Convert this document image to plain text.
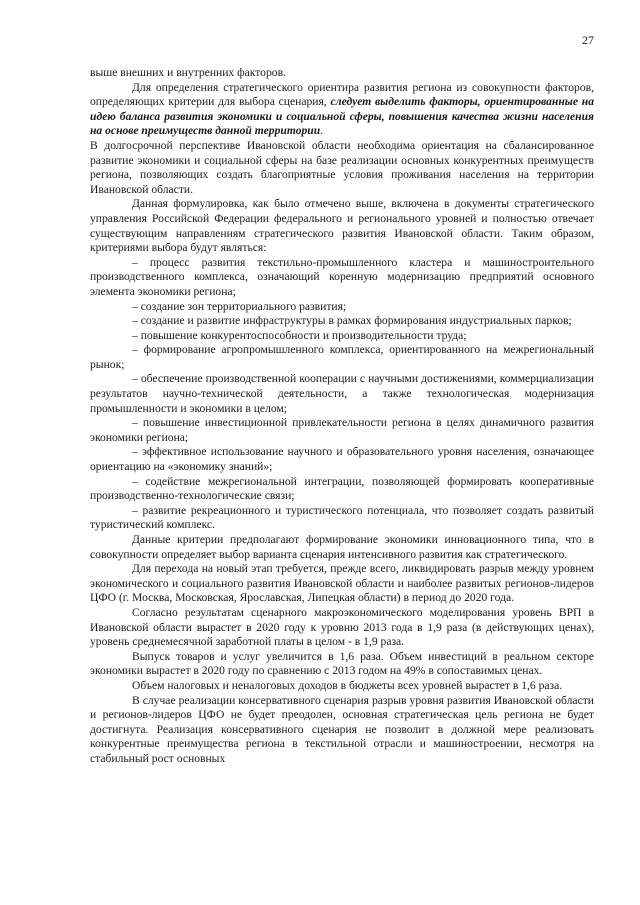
27

выше внешних и внутренних факторов.

Для определения стратегического ориентира развития региона из совокупности факторов, определяющих критерии для выбора сценария, следует выделить факторы, ориентированные на идею баланса развития экономики и социальной сферы, повышения качества жизни населения на основе преимуществ данной территории.

В долгосрочной перспективе Ивановской области необходима ориентация на сбалансированное развитие экономики и социальной сферы на базе реализации основных конкурентных преимуществ региона, позволяющих создать благоприятные условия проживания населения на территории Ивановской области.

Данная формулировка, как было отмечено выше, включена в документы стратегического управления Российской Федерации федерального и регионального уровней и полностью отвечает существующим направлениям стратегического развития Ивановской области. Таким образом, критериями выбора будут являться:

– процесс развития текстильно-промышленного кластера и машиностроительного производственного комплекса, означающий коренную модернизацию предприятий основного элемента экономики региона;

– создание зон территориального развития;

– создание и развитие инфраструктуры в рамках формирования индустриальных парков;

– повышение конкурентоспособности и производительности труда;

– формирование агропромышленного комплекса, ориентированного на межрегиональный рынок;

– обеспечение производственной кооперации с научными достижениями, коммерциализации результатов научно-технической деятельности, а также технологическая модернизация промышленности и экономики в целом;

– повышение инвестиционной привлекательности региона в целях динамичного развития экономики региона;

– эффективное использование научного и образовательного уровня населения, означающее ориентацию на «экономику знаний»;

– содействие межрегиональной интеграции, позволяющей формировать кооперативные производственно-технологические связи;

– развитие рекреационного и туристического потенциала, что позволяет создать развитый туристический комплекс.

Данные критерии предполагают формирование экономики инновационного типа, что в совокупности определяет выбор варианта сценария интенсивного развития как стратегического.

Для перехода на новый этап требуется, прежде всего, ликвидировать разрыв между уровнем экономического и социального развития Ивановской области и наиболее развитых регионов-лидеров ЦФО (г. Москва, Московская, Ярославская, Липецкая области) в период до 2020 года.

Согласно результатам сценарного макроэкономического моделирования уровень ВРП в Ивановской области вырастет в 2020 году к уровню 2013 года в 1,9 раза (в действующих ценах), уровень среднемесячной заработной платы в целом - в 1,9 раза.

Выпуск товаров и услуг увеличится в 1,6 раза. Объем инвестиций в реальном секторе экономики вырастет в 2020 году по сравнению с 2013 годом на 49% в сопоставимых ценах.

Объем налоговых и неналоговых доходов в бюджеты всех уровней вырастет в 1,6 раза.

В случае реализации консервативного сценария разрыв уровня развития Ивановской области и регионов-лидеров ЦФО не будет преодолен, основная стратегическая цель региона не будет достигнута. Реализация консервативного сценария не позволит в должной мере реализовать конкурентные преимущества региона в текстильной отрасли и машиностроении, несмотря на стабильный рост основных
